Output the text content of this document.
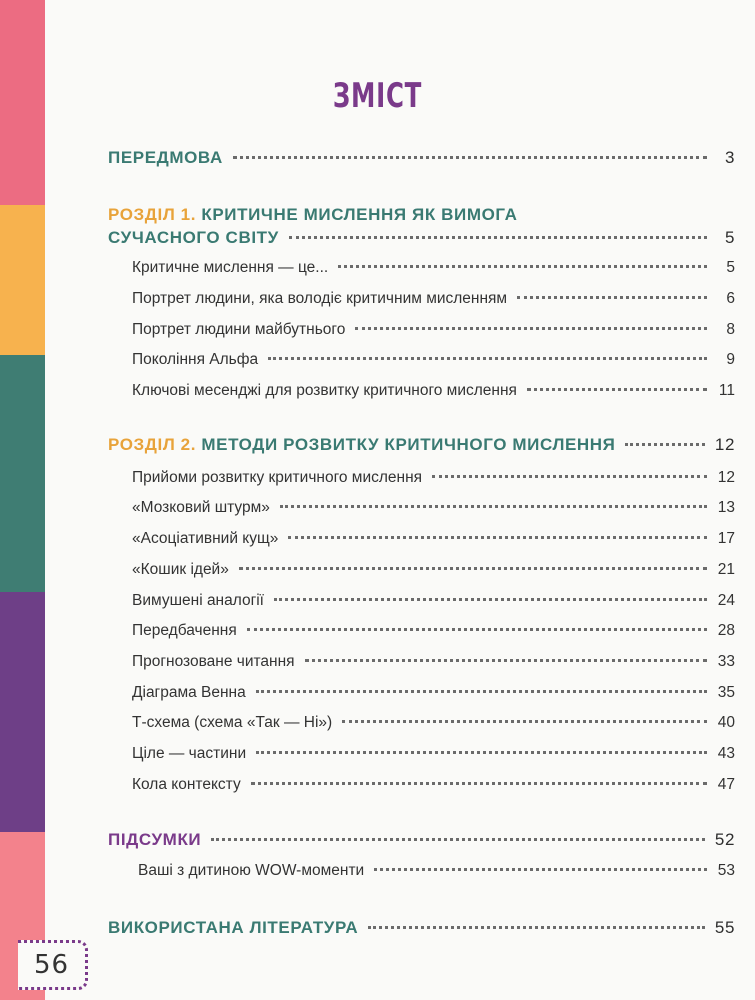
56
ЗМІСТ
ПЕРЕДМОВА	3
РОЗДІЛ 1. КРИТИЧНЕ МИСЛЕННЯ ЯК ВИМОГА
СУЧАСНОГО СВІТУ	5
Критичне мислення — це...	5
Портрет людини, яка володіє критичним мисленням	6
Портрет людини майбутнього	8
Покоління Альфа	9
Ключові месенджі для розвитку критичного мислення	11
РОЗДІЛ 2. МЕТОДИ РОЗВИТКУ КРИТИЧНОГО МИСЛЕННЯ	12
Прийоми розвитку критичного мислення	12
«Мозковий штурм»	13
«Асоціативний кущ»	17
«Кошик ідей»	21
Вимушені аналогії	24
Передбачення	28
Прогнозоване читання	33
Діаграма Венна	35
Т-схема (схема «Так — Ні»)	40
Ціле — частини	43
Кола контексту	47
ПІДСУМКИ	52
Ваші з дитиною WOW-моменти	53
ВИКОРИСТАНА ЛІТЕРАТУРА	55
